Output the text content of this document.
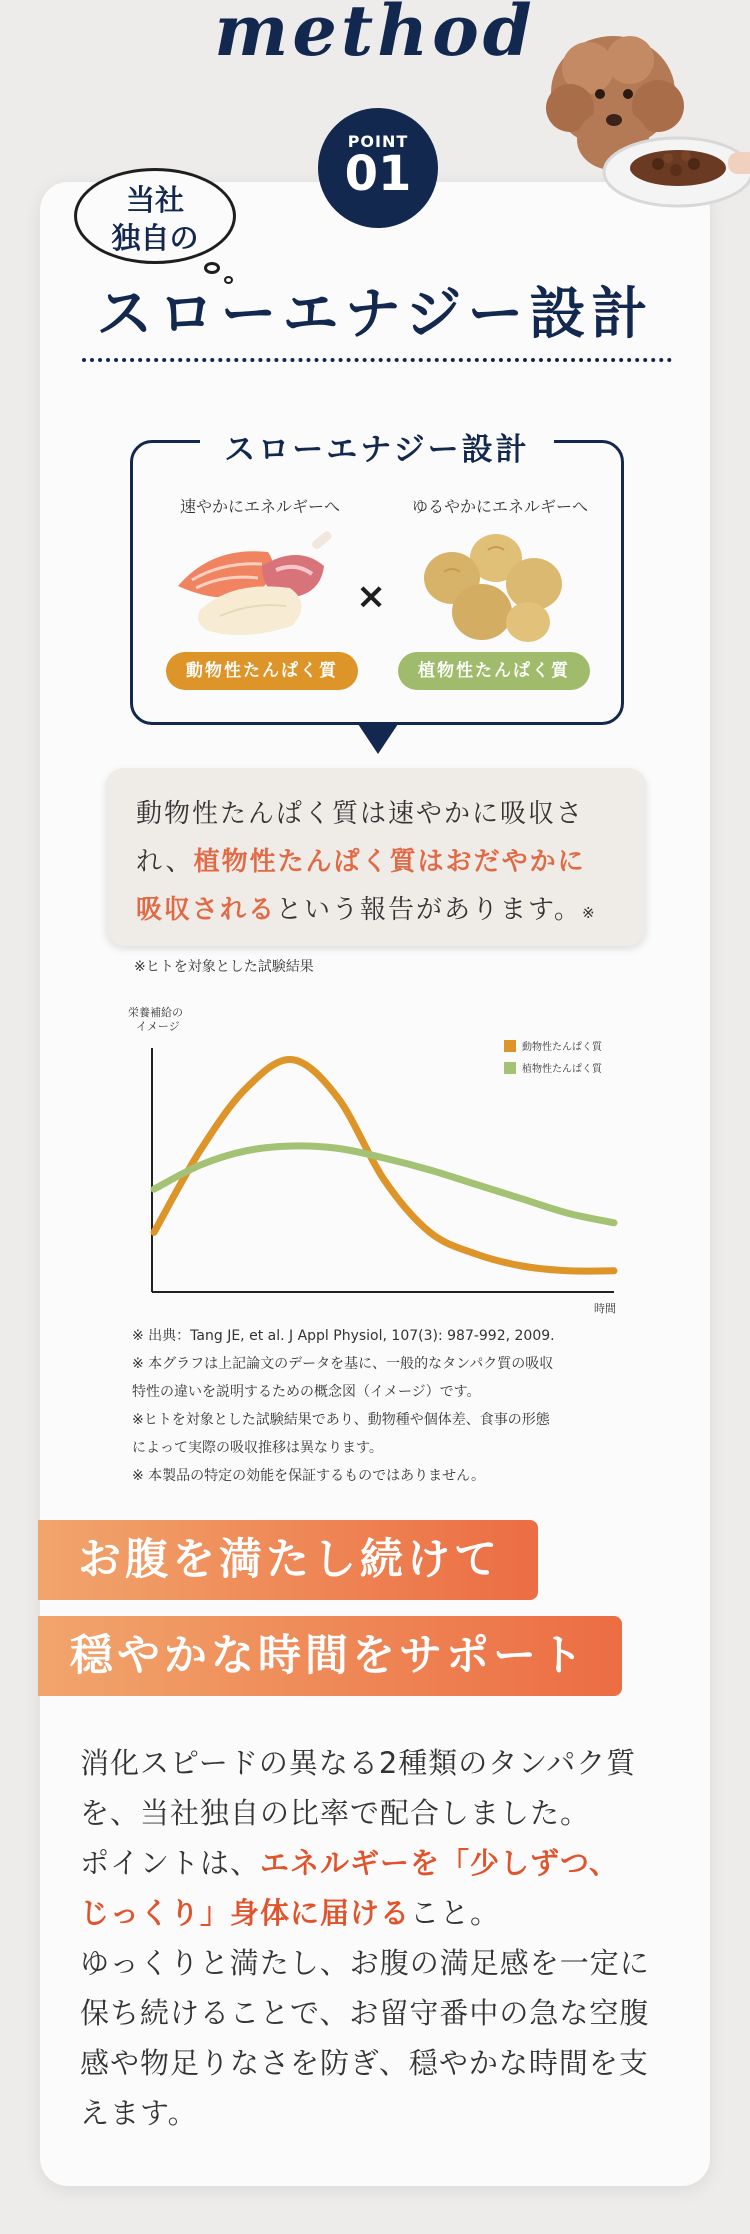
method
POINT
01
当社
独自の
スローエナジー設計
スローエナジー設計
速やかにエネルギーへ	ゆるやかにエネルギーへ
×
動物性たんぱく質	植物性たんぱく質
動物性たんぱく質は速やかに吸収さ
れ、植物性たんぱく質はおだやかに
吸収されるという報告があります。※
※ヒトを対象とした試験結果
栄養補給の
イメージ
時間
動物性たんぱく質
植物性たんぱく質
※ 出典：Tang JE, et al. J Appl Physiol, 107(3): 987-992, 2009.
※ 本グラフは上記論文のデータを基に、一般的なタンパク質の吸収
特性の違いを説明するための概念図（イメージ）です。
※ヒトを対象とした試験結果であり、動物種や個体差、食事の形態
によって実際の吸収推移は異なります。
※ 本製品の特定の効能を保証するものではありません。
お腹を満たし続けて
穏やかな時間をサポート
消化スピードの異なる2種類のタンパク質
を、当社独自の比率で配合しました。
ポイントは、エネルギーを「少しずつ、
じっくり」身体に届けること。
ゆっくりと満たし、お腹の満足感を一定に
保ち続けることで、お留守番中の急な空腹
感や物足りなさを防ぎ、穏やかな時間を支
えます。
